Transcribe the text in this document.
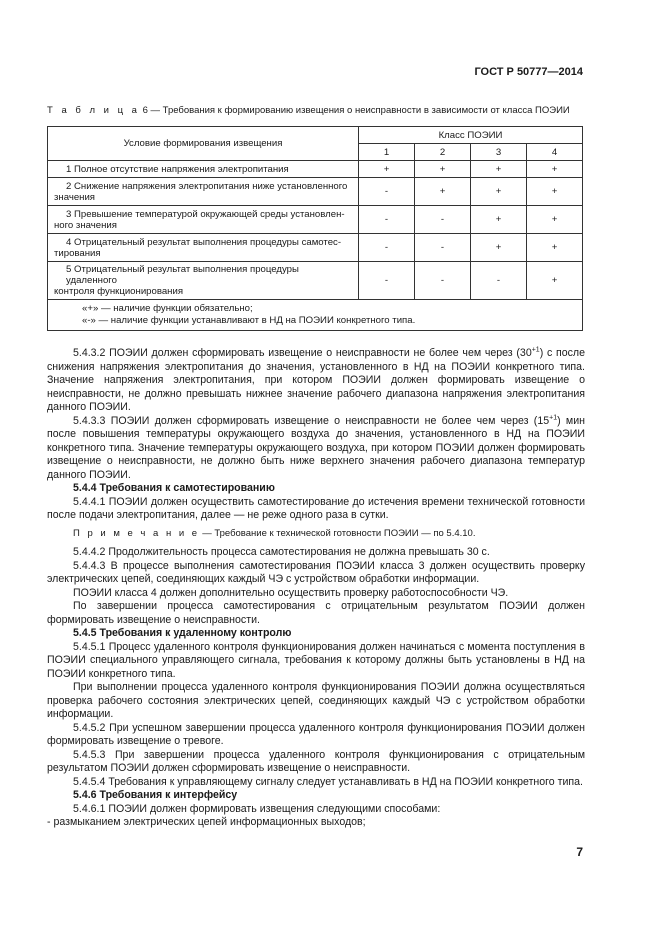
ГОСТ Р 50777—2014
Т а б л и ц а 6 — Требования к формированию извещения о неисправности в зависимости от класса ПОЭИИ
Условие формирования извещения	Класс ПОЭИИ			
	1	2	3	4

1 Полное отсутствие напряжения электропитания	+	+	+	+

2 Снижение напряжения электропитания ниже установленного
значения	-	+	+	+

3 Превышение температурой окружающей среды установлен-
ного значения	-	-	+	+

4 Отрицательный результат выполнения процедуры самотес-
тирования	-	-	+	+

5 Отрицательный результат выполнения процедуры удаленного
контроля функционирования	-	-	-	+

«+» — наличие функции обязательно;
«-» — наличие функции устанавливают в НД на ПОЭИИ конкретного типа.				

5.4.3.2 ПОЭИИ должен сформировать извещение о неисправности не более чем через $(30^{+1})$ с после снижения напряжения электропитания до значения, установленного в НД на ПОЭИИ конкретного типа. Значение напряжения электропитания, при котором ПОЭИИ должен формировать извещение о неисправности, не должно превышать нижнее значение рабочего диапазона напряжения электропитания данного ПОЭИИ.

5.4.3.3 ПОЭИИ должен сформировать извещение о неисправности не более чем через $(15^{+1})$ мин после повышения температуры окружающего воздуха до значения, установленного в НД на ПОЭИИ конкретного типа. Значение температуры окружающего воздуха, при котором ПОЭИИ должен формировать извещение о неисправности, не должно быть ниже верхнего значения рабочего диапазона температур данного ПОЭИИ.

5.4.4 Требования к самотестированию

5.4.4.1 ПОЭИИ должен осуществить самотестирование до истечения времени технической готовности после подачи электропитания, далее — не реже одного раза в сутки.

П р и м е ч а н и е — Требование к технической готовности ПОЭИИ — по 5.4.10.

5.4.4.2 Продолжительность процесса самотестирования не должна превышать 30 с.

5.4.4.3 В процессе выполнения самотестирования ПОЭИИ класса 3 должен осуществить проверку электрических цепей, соединяющих каждый ЧЭ с устройством обработки информации.

ПОЭИИ класса 4 должен дополнительно осуществить проверку работоспособности ЧЭ.

По завершении процесса самотестирования с отрицательным результатом ПОЭИИ должен формировать извещение о неисправности.

5.4.5 Требования к удаленному контролю

5.4.5.1 Процесс удаленного контроля функционирования должен начинаться с момента поступления в ПОЭИИ специального управляющего сигнала, требования к которому должны быть установлены в НД на ПОЭИИ конкретного типа.

При выполнении процесса удаленного контроля функционирования ПОЭИИ должна осуществляться проверка рабочего состояния электрических цепей, соединяющих каждый ЧЭ с устройством обработки информации.

5.4.5.2 При успешном завершении процесса удаленного контроля функционирования ПОЭИИ должен формировать извещение о тревоге.

5.4.5.3 При завершении процесса удаленного контроля функционирования с отрицательным результатом ПОЭИИ должен сформировать извещение о неисправности.

5.4.5.4 Требования к управляющему сигналу следует устанавливать в НД на ПОЭИИ конкретного типа.

5.4.6 Требования к интерфейсу

5.4.6.1 ПОЭИИ должен формировать извещения следующими способами:

- размыканием электрических цепей информационных выходов;

7
